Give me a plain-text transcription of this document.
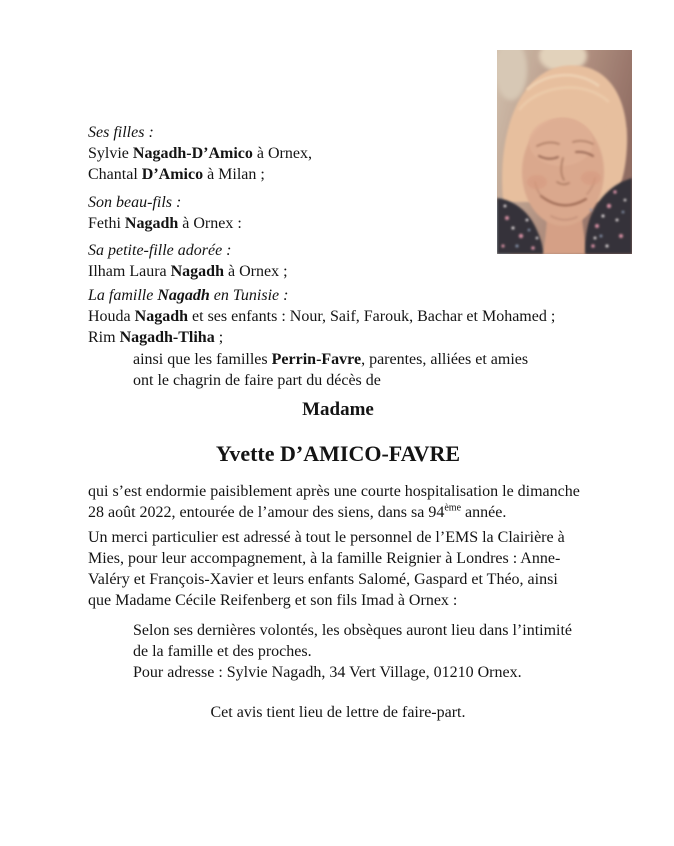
Ses filles :
Sylvie Nagadh-D’Amico à Ornex,
Chantal D’Amico à Milan ;
Son beau-fils :
Fethi Nagadh à Ornex :
Sa petite-fille adorée :
Ilham Laura Nagadh à Ornex ;
La famille Nagadh en Tunisie :
Houda Nagadh et ses enfants : Nour, Saif, Farouk, Bachar et Mohamed ;
Rim Nagadh-Tliha ;
ainsi que les familles Perrin-Favre, parentes, alliées et amies
ont le chagrin de faire part du décès de
Madame
Yvette D’AMICO-FAVRE
qui s’est endormie paisiblement après une courte hospitalisation le dimanche
28 août 2022, entourée de l’amour des siens, dans sa 94ème année.
Un merci particulier est adressé à tout le personnel de l’EMS la Clairière à
Mies, pour leur accompagnement, à la famille Reignier à Londres : Anne-
Valéry et François-Xavier et leurs enfants Salomé, Gaspard et Théo, ainsi
que Madame Cécile Reifenberg et son fils Imad à Ornex :
Selon ses dernières volontés, les obsèques auront lieu dans l’intimité
de la famille et des proches.
Pour adresse : Sylvie Nagadh, 34 Vert Village, 01210 Ornex.
Cet avis tient lieu de lettre de faire-part.
